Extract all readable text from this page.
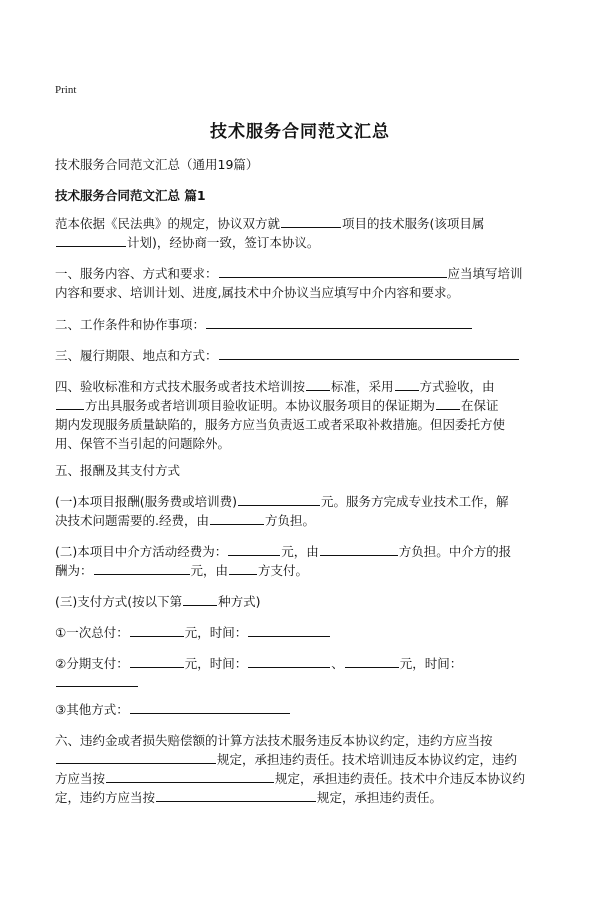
Print
技术服务合同范文汇总
技术服务合同范文汇总（通用19篇）
技术服务合同范文汇总 篇1
范本依据《民法典》的规定，协议双方就	项目的技术服务(该项目属
计划)，经协商一致，签订本协议。
一、服务内容、方式和要求：	应当填写培训
内容和要求、培训计划、进度,属技术中介协议当应填写中介内容和要求。
二、工作条件和协作事项：
三、履行期限、地点和方式：
四、验收标准和方式技术服务或者技术培训按 标准，采用 方式验收，由
方出具服务或者培训项目验收证明。本协议服务项目的保证期为 在保证
期内发现服务质量缺陷的，服务方应当负责返工或者采取补救措施。但因委托方使
用、保管不当引起的问题除外。
五、报酬及其支付方式
(一)本项目报酬(服务费或培训费)	元。服务方完成专业技术工作，解
决技术问题需要的.经费，由	方负担。
(二)本项目中介方活动经费为：	元，由	方负担。中介方的报
酬为：	元，由 方支付。
(三)支付方式(按以下第	种方式)
①一次总付：	元，时间：
②分期支付：	元，时间：	、	元，时间：
③其他方式：
六、违约金或者损失赔偿额的计算方法技术服务违反本协议约定，违约方应当按
规定，承担违约责任。技术培训违反本协议约定，违约
方应当按	规定，承担违约责任。技术中介违反本协议约
定，违约方应当按	规定，承担违约责任。
